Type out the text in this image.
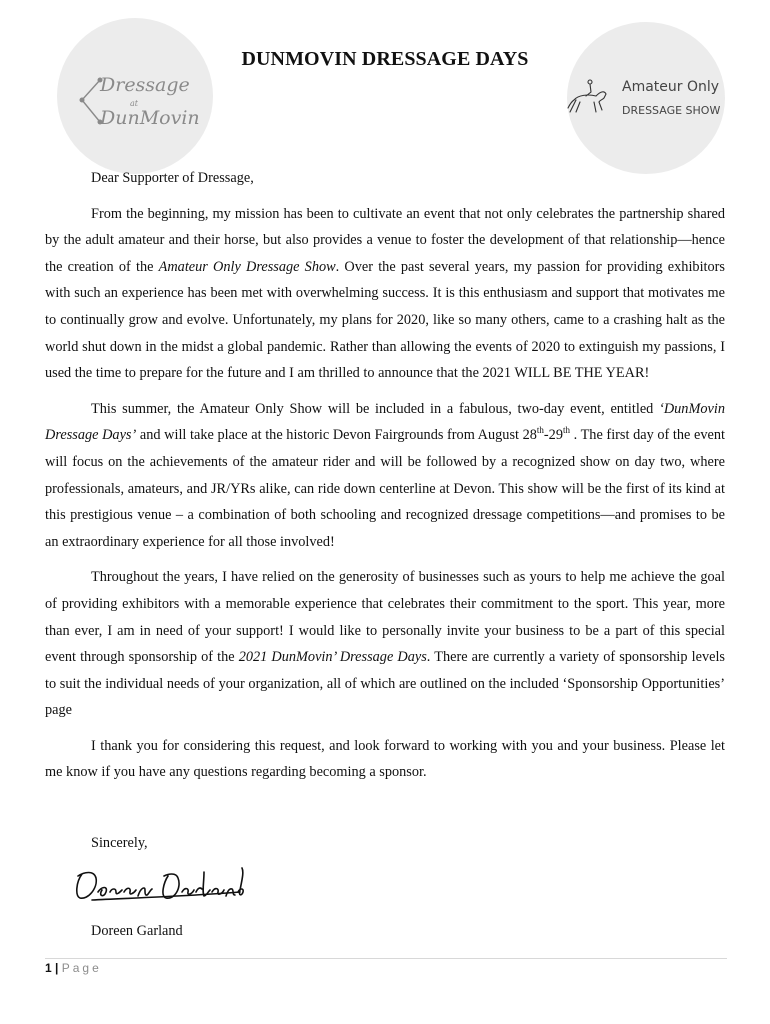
Dressage
at
DunMovin
Amateur Only
DRESSAGE SHOW
DUNMOVIN DRESSAGE DAYS

Dear Supporter of Dressage,

From the beginning, my mission has been to cultivate an event that not only celebrates the partnership shared by the adult amateur and their horse, but also provides a venue to foster the development of that relationship—hence the creation of the Amateur Only Dressage Show. Over the past several years, my passion for providing exhibitors with such an experience has been met with overwhelming success. It is this enthusiasm and support that motivates me to continually grow and evolve. Unfortunately, my plans for 2020, like so many others, came to a crashing halt as the world shut down in the midst a global pandemic. Rather than allowing the events of 2020 to extinguish my passions, I used the time to prepare for the future and I am thrilled to announce that the 2021 WILL BE THE YEAR!

This summer, the Amateur Only Show will be included in a fabulous, two-day event, entitled ‘DunMovin Dressage Days’ and will take place at the historic Devon Fairgrounds from August 28th-29th . The first day of the event will focus on the achievements of the amateur rider and will be followed by a recognized show on day two, where professionals, amateurs, and JR/YRs alike, can ride down centerline at Devon. This show will be the first of its kind at this prestigious venue – a combination of both schooling and recognized dressage competitions—and promises to be an extraordinary experience for all those involved!

Throughout the years, I have relied on the generosity of businesses such as yours to help me achieve the goal of providing exhibitors with a memorable experience that celebrates their commitment to the sport. This year, more than ever, I am in need of your support! I would like to personally invite your business to be a part of this special event through sponsorship of the 2021 DunMovin’ Dressage Days. There are currently a variety of sponsorship levels to suit the individual needs of your organization, all of which are outlined on the included ‘Sponsorship Opportunities’ page

I thank you for considering this request, and look forward to working with you and your business. Please let me know if you have any questions regarding becoming a sponsor.

Sincerely,
Doreen Garland
1 | Page
